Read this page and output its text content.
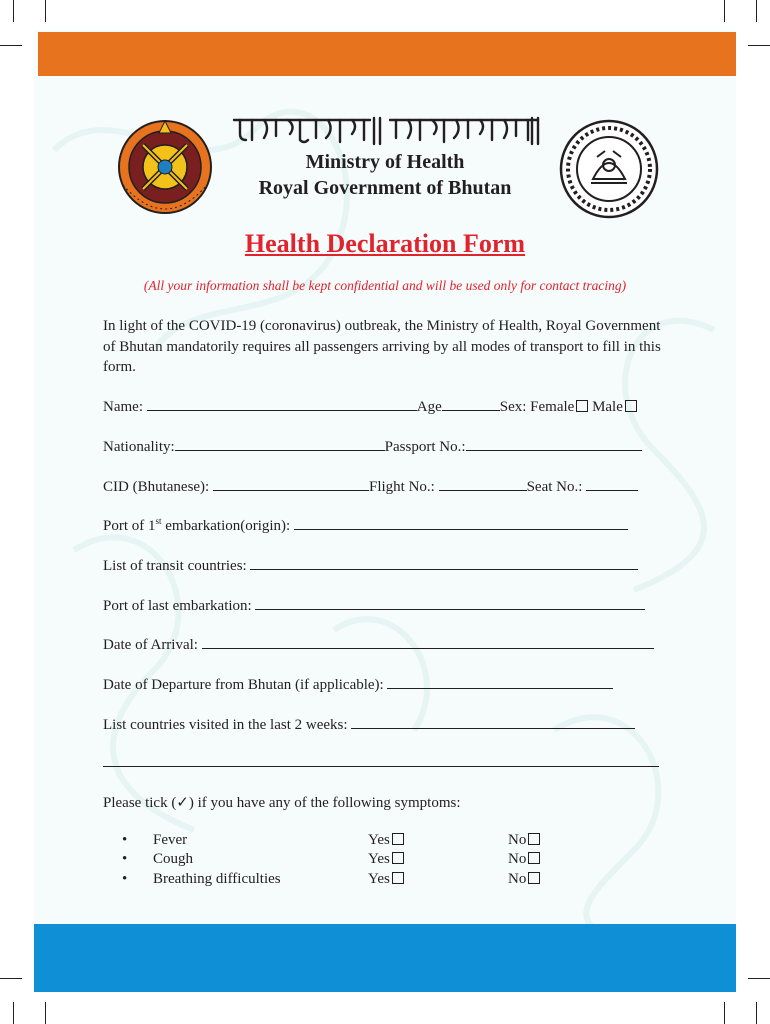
Ministry of Health
Royal Government of Bhutan
Health Declaration Form
(All your information shall be kept confidential and will be used only for contact tracing)
In light of the COVID-19 (coronavirus) outbreak, the Ministry of Health, Royal Government of Bhutan mandatorily requires all passengers arriving by all modes of transport to fill in this form.
Name:	Age	Sex: Female Male
Nationality:	Passport No.:
CID (Bhutanese):	Flight No.:	Seat No.:
Port of 1st embarkation(origin):
List of transit countries:
Port of last embarkation:
Date of Arrival:
Date of Departure from Bhutan (if applicable):
List countries visited in the last 2 weeks:
Please tick (✓) if you have any of the following symptoms:
• Fever	Yes	No
• Cough	Yes	No
• Breathing difficulties	Yes	No
